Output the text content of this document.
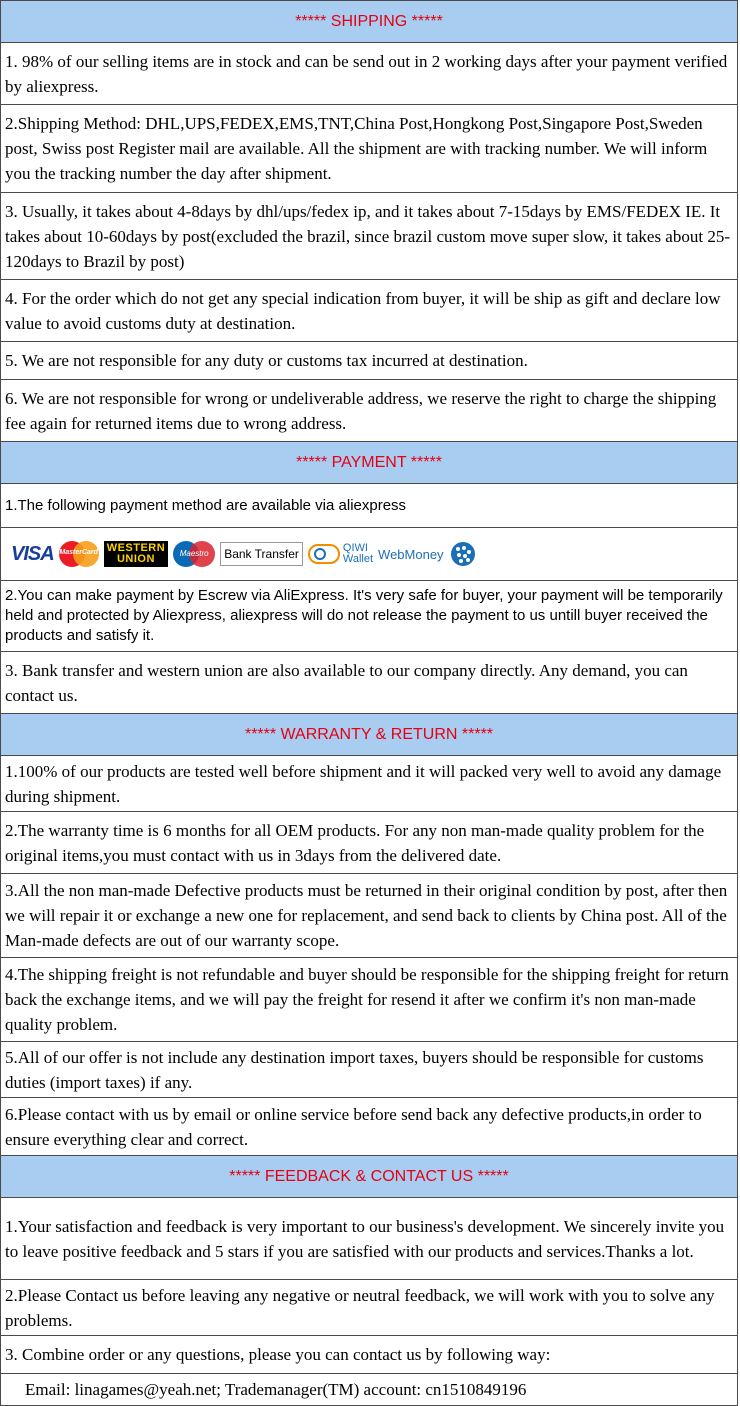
***** SHIPPING *****
1. 98% of our selling items are in stock and can be send out in 2 working days after your payment verified by aliexpress.
2.Shipping Method: DHL,UPS,FEDEX,EMS,TNT,China Post,Hongkong Post,Singapore Post,Sweden post, Swiss post Register mail are available. All the shipment are with tracking number. We will inform you the tracking number the day after shipment.
3. Usually, it takes about 4-8days by dhl/ups/fedex ip, and it takes about 7-15days by EMS/FEDEX IE. It takes about 10-60days by post(excluded the brazil, since brazil custom move super slow, it takes about 25-120days to Brazil by post)
4. For the order which do not get any special indication from buyer, it will be ship as gift and declare low value to avoid customs duty at destination.
5. We are not responsible for any duty or customs tax incurred at destination.
6. We are not responsible for wrong or undeliverable address, we reserve the right to charge the shipping fee again for returned items due to wrong address.
***** PAYMENT *****
1.The following payment method are available via aliexpress
VISA MasterCard WESTERN
UNION	Maestro	Bank Transfer	QIWI
Wallet WebMoney
2.You can make payment by Escrew via AliExpress. It's very safe for buyer, your payment will be temporarily held and protected by Aliexpress, aliexpress will do not release the payment to us untill buyer received the products and satisfy it.
3. Bank transfer and western union are also available to our company directly. Any demand, you can contact us.
***** WARRANTY & RETURN *****
1.100% of our products are tested well before shipment and it will packed very well to avoid any damage during shipment.
2.The warranty time is 6 months for all OEM products. For any non man-made quality problem for the original items,you must contact with us in 3days from the delivered date.
3.All the non man-made Defective products must be returned in their original condition by post, after then we will repair it or exchange a new one for replacement, and send back to clients by China post. All of the Man-made defects are out of our warranty scope.
4.The shipping freight is not refundable and buyer should be responsible for the shipping freight for return back the exchange items, and we will pay the freight for resend it after we confirm it's non man-made quality problem.
5.All of our offer is not include any destination import taxes, buyers should be responsible for customs duties (import taxes) if any.
6.Please contact with us by email or online service before send back any defective products,in order to ensure everything clear and correct.
***** FEEDBACK & CONTACT US *****
1.Your satisfaction and feedback is very important to our business's development. We sincerely invite you to leave positive feedback and 5 stars if you are satisfied with our products and services.Thanks a lot.
2.Please Contact us before leaving any negative or neutral feedback, we will work with you to solve any problems.
3. Combine order or any questions, please you can contact us by following way:
Email: linagames@yeah.net; Trademanager(TM) account: cn1510849196
